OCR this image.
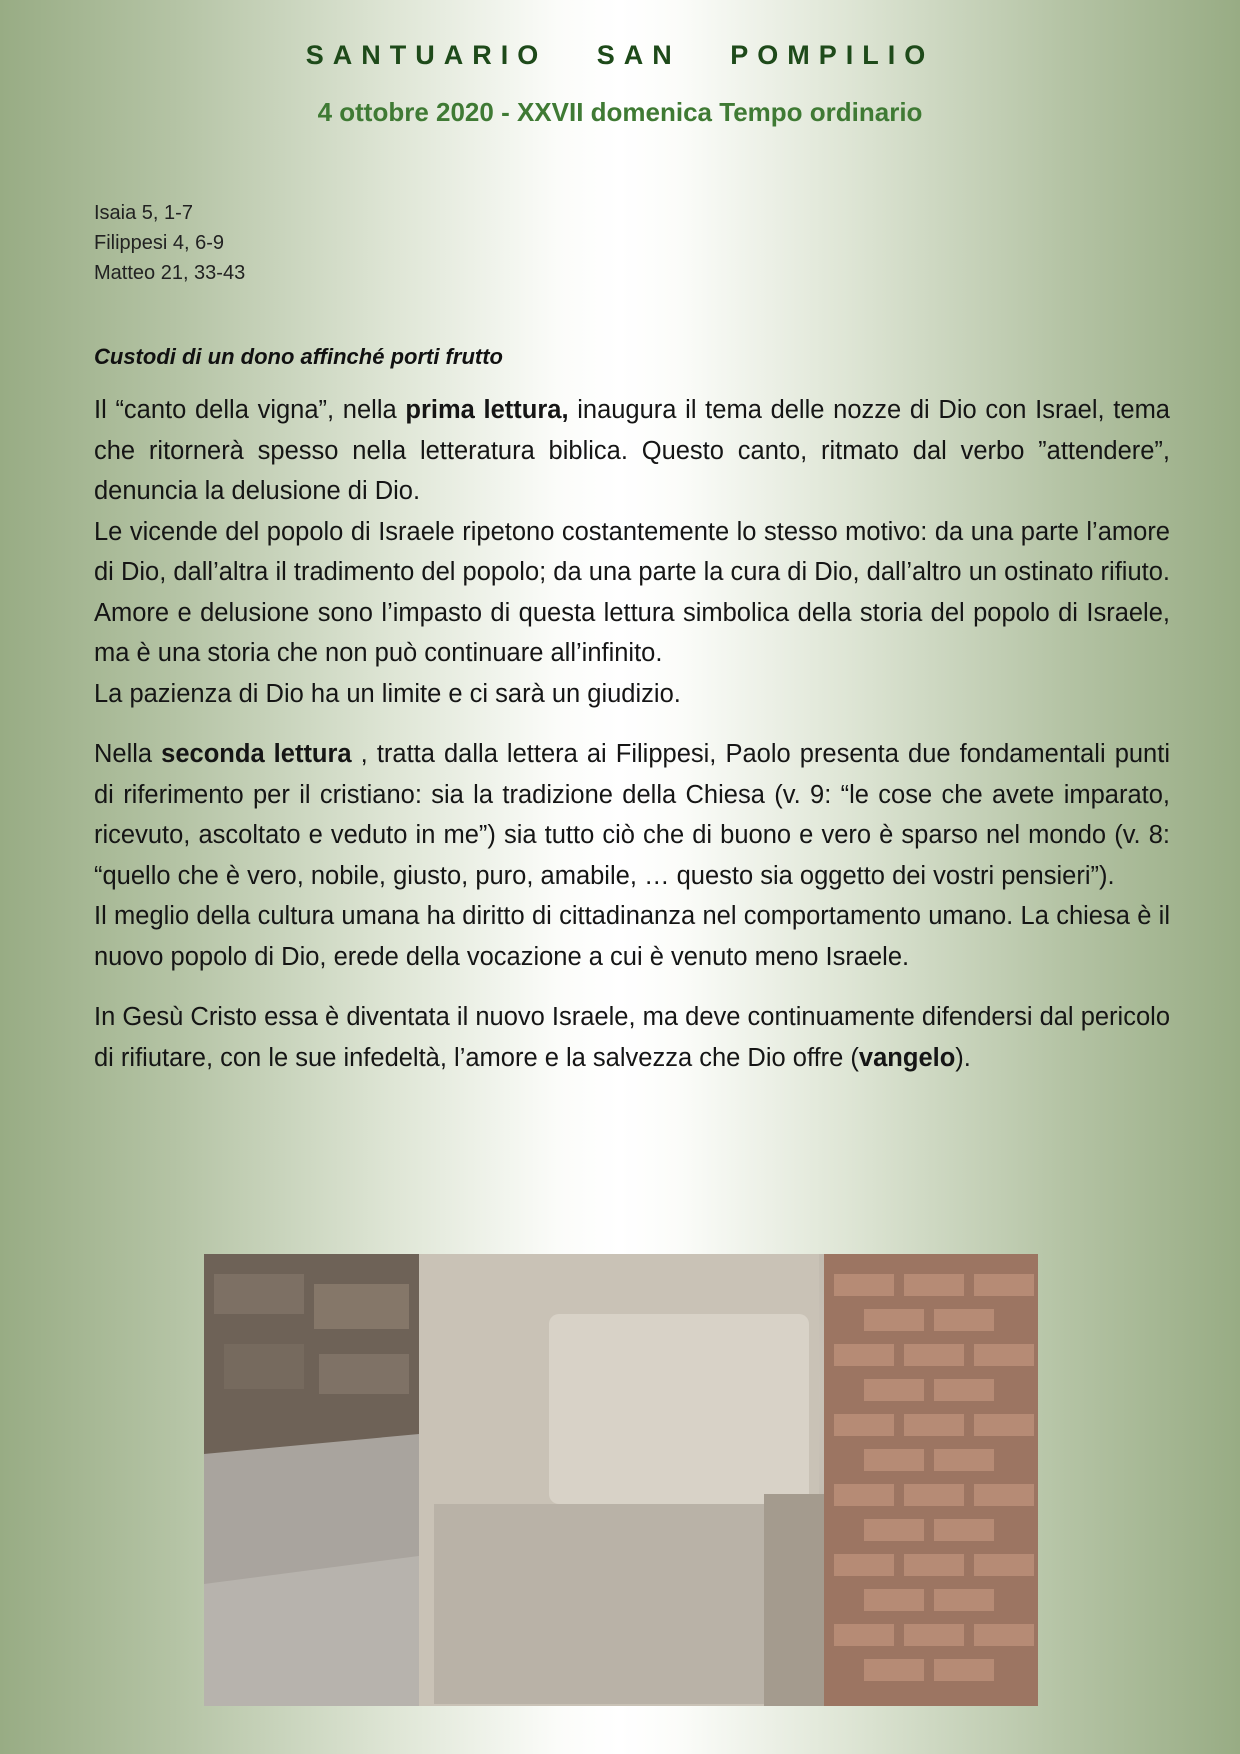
SANTUARIO   SAN   POMPILIO
4 ottobre 2020 - XXVII domenica Tempo ordinario
Isaia 5, 1-7
Filippesi 4, 6-9
Matteo 21, 33-43
Custodi di un dono affinché porti frutto

Il “canto della vigna”, nella prima lettura, inaugura il tema delle nozze di Dio con Israel, tema che ritornerà spesso nella letteratura biblica. Questo canto, ritmato dal verbo ”attendere”, denuncia la delusione di Dio.

Le vicende del popolo di Israele ripetono costantemente lo stesso motivo: da una parte l’amore di Dio, dall’altra il tradimento del popolo; da una parte la cura di Dio, dall’altro un ostinato rifiuto. Amore e delusione sono l’impasto di questa lettura simbolica della storia del popolo di Israele, ma è una storia che non può continuare all’infinito.

La pazienza di Dio ha un limite e ci sarà un giudizio.

Nella seconda lettura , tratta dalla lettera ai Filippesi, Paolo presenta due fondamentali punti di riferimento per il cristiano: sia la tradizione della Chiesa (v. 9: “le cose che avete imparato, ricevuto, ascoltato e veduto in me”) sia tutto ciò che di buono e vero è sparso nel mondo (v. 8: “quello che è vero, nobile, giusto, puro, amabile, … questo sia oggetto dei vostri pensieri”).

Il meglio della cultura umana ha diritto di cittadinanza nel comportamento umano. La chiesa è il nuovo popolo di Dio, erede della vocazione a cui è venuto meno Israele.

In Gesù Cristo essa è diventata il nuovo Israele, ma deve continuamente difendersi dal pericolo di rifiutare, con le sue infedeltà, l’amore e la salvezza che Dio offre (vangelo).
